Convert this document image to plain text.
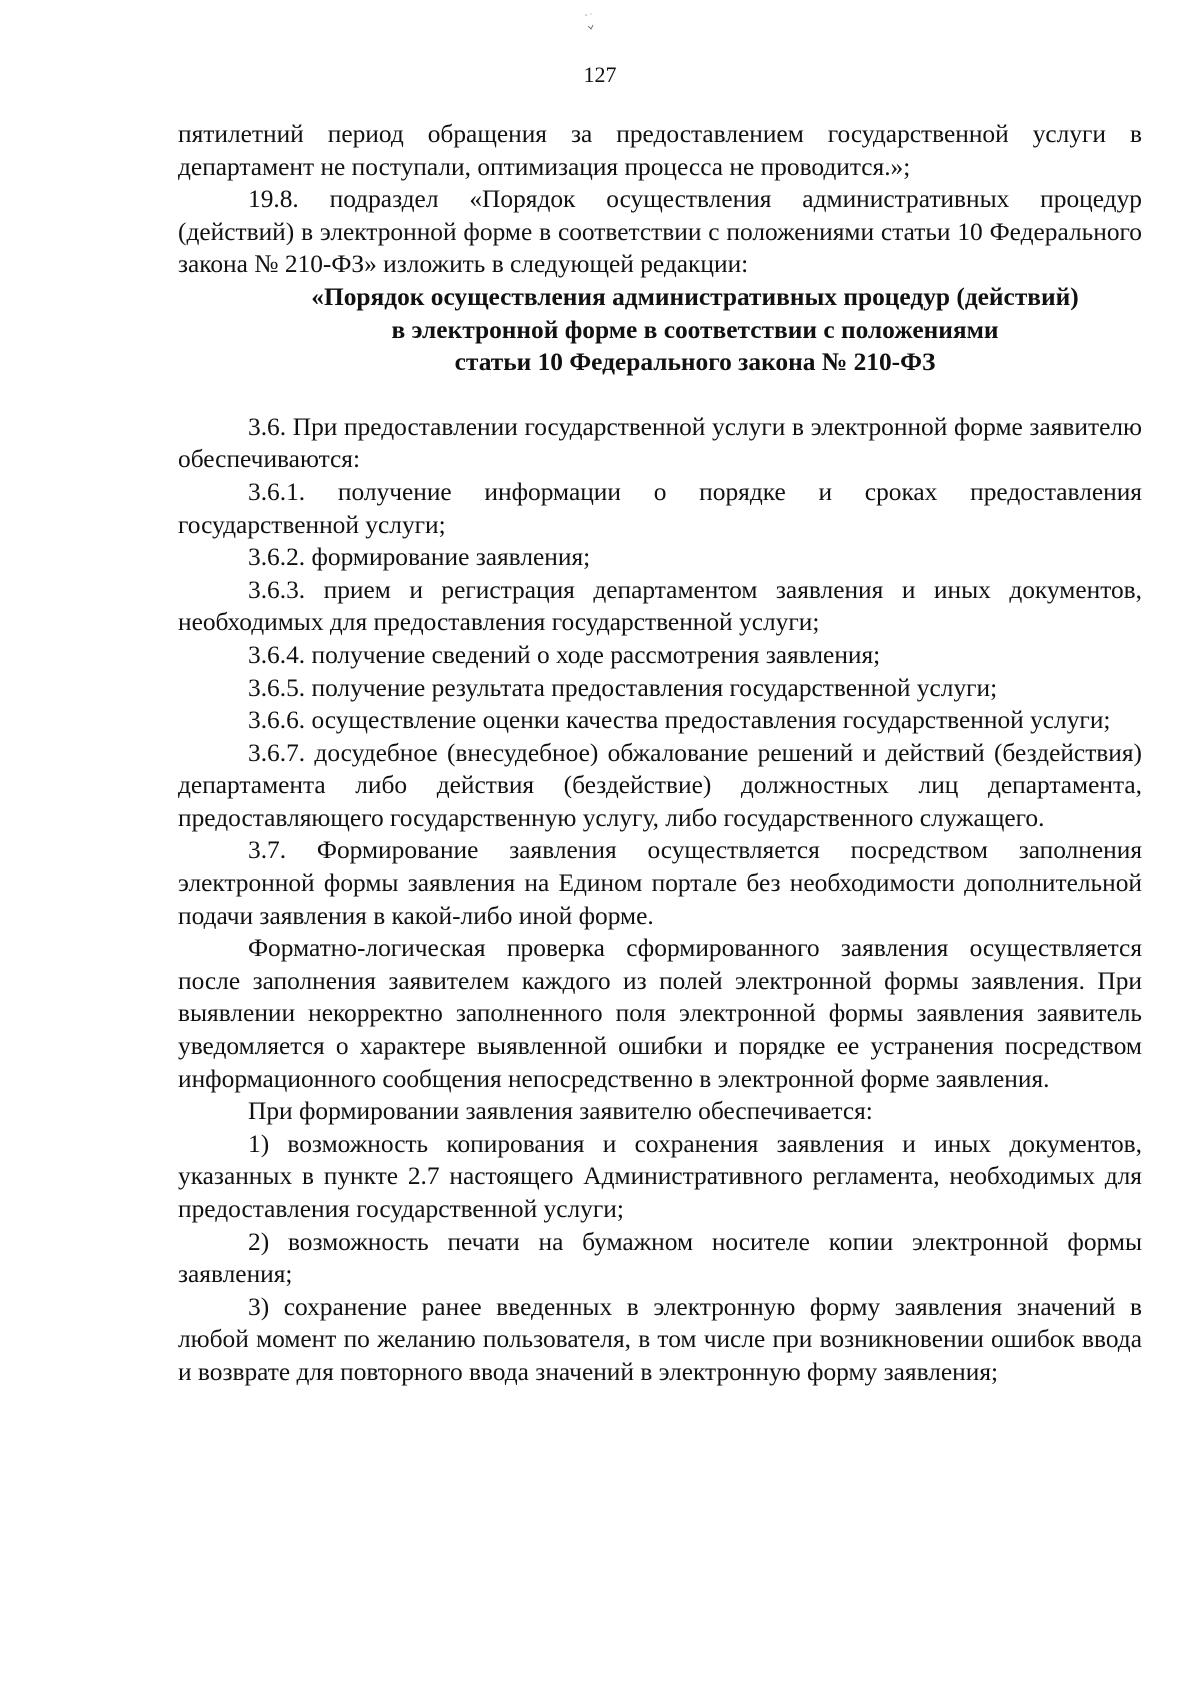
127

пятилетний период обращения за предоставлением государственной услуги в департамент не поступали, оптимизация процесса не проводится.»;

19.8. подраздел «Порядок осуществления административных процедур (действий) в электронной форме в соответствии с положениями статьи 10 Федерального закона № 210-ФЗ» изложить в следующей редакции:

«Порядок осуществления административных процедур (действий)
в электронной форме в соответствии с положениями
статьи 10 Федерального закона № 210-ФЗ

3.6. При предоставлении государственной услуги в электронной форме заявителю обеспечиваются:

3.6.1. получение информации о порядке и сроках предоставления государственной услуги;

3.6.2. формирование заявления;

3.6.3. прием и регистрация департаментом заявления и иных документов, необходимых для предоставления государственной услуги;

3.6.4. получение сведений о ходе рассмотрения заявления;

3.6.5. получение результата предоставления государственной услуги;

3.6.6. осуществление оценки качества предоставления государственной услуги;

3.6.7. досудебное (внесудебное) обжалование решений и действий (бездействия) департамента либо действия (бездействие) должностных лиц департамента, предоставляющего государственную услугу, либо государственного служащего.

3.7. Формирование заявления осуществляется посредством заполнения электронной формы заявления на Едином портале без необходимости дополнительной подачи заявления в какой-либо иной форме.

Форматно-логическая проверка сформированного заявления осуществляется после заполнения заявителем каждого из полей электронной формы заявления. При выявлении некорректно заполненного поля электронной формы заявления заявитель уведомляется о характере выявленной ошибки и порядке ее устранения посредством информационного сообщения непосредственно в электронной форме заявления.

При формировании заявления заявителю обеспечивается:

1) возможность копирования и сохранения заявления и иных документов, указанных в пункте 2.7 настоящего Административного регламента, необходимых для предоставления государственной услуги;

2) возможность печати на бумажном носителе копии электронной формы заявления;

3) сохранение ранее введенных в электронную форму заявления значений в любой момент по желанию пользователя, в том числе при возникновении ошибок ввода и возврате для повторного ввода значений в электронную форму заявления;
